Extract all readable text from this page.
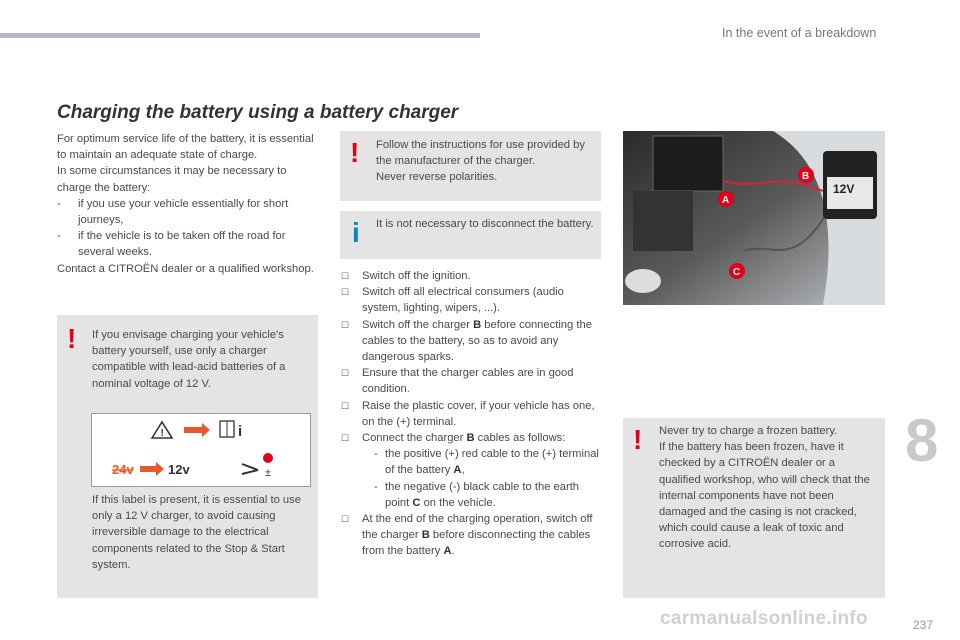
In the event of a breakdown
Charging the battery using a battery charger
For optimum service life of the battery, it is essential to maintain an adequate state of charge.
In some circumstances it may be necessary to charge the battery:
-	if you use your vehicle essentially for short journeys,
-	if the vehicle is to be taken off the road for several weeks.
Contact a CITROËN dealer or a qualified workshop.
! If you envisage charging your vehicle's battery yourself, use only a charger compatible with lead-acid batteries of a nominal voltage of 12 V.
!	i
24v	12v	±
If this label is present, it is essential to use only a 12 V charger, to avoid causing irreversible damage to the electrical components related to the Stop & Start system.
! Follow the instructions for use provided by the manufacturer of the charger.
Never reverse polarities.
i It is not necessary to disconnect the battery.
☐ Switch off the ignition.
☐ Switch off all electrical consumers (audio system, lighting, wipers, ...).
☐ Switch off the charger B before connecting the cables to the battery, so as to avoid any dangerous sparks.
☐ Ensure that the charger cables are in good condition.
☐ Raise the plastic cover, if your vehicle has one, on the (+) terminal.
☐ Connect the charger B cables as follows:
- the positive (+) red cable to the (+) terminal of the battery A,
- the negative (-) black cable to the earth point C on the vehicle.
☐ At the end of the charging operation, switch off the charger B before disconnecting the cables from the battery A.
12V
A
B
C
! Never try to charge a frozen battery.
If the battery has been frozen, have it checked by a CITROËN dealer or a qualified workshop, who will check that the internal components have not been damaged and the casing is not cracked, which could cause a leak of toxic and corrosive acid.
8
carmanualsonline.info	237
